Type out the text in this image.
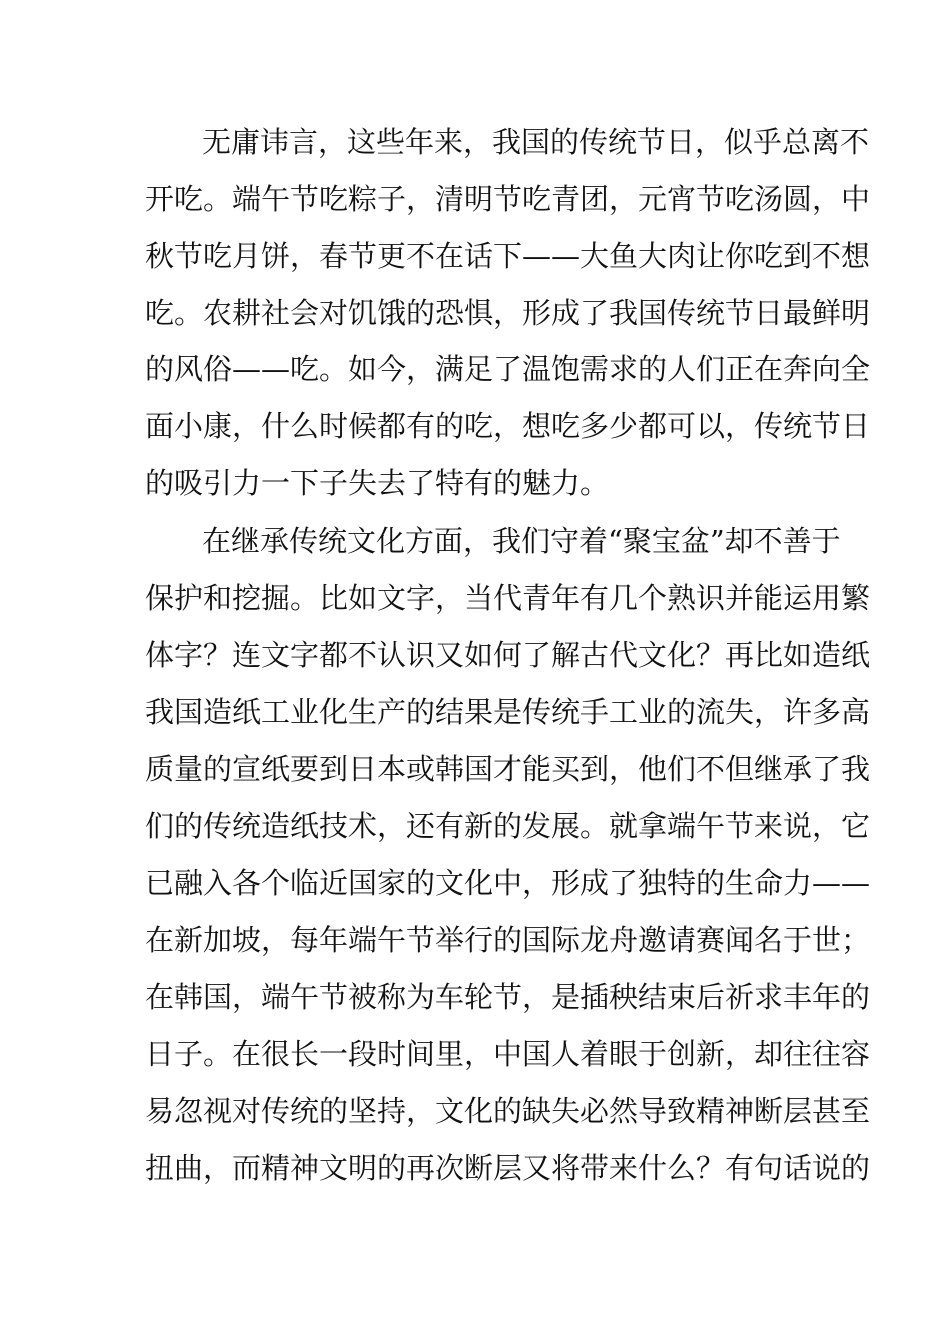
无庸讳言，这些年来，我国的传统节日，似乎总离不
开吃。端午节吃粽子，清明节吃青团，元宵节吃汤圆，中
秋节吃月饼，春节更不在话下——大鱼大肉让你吃到不想
吃。农耕社会对饥饿的恐惧，形成了我国传统节日最鲜明
的风俗——吃。如今，满足了温饱需求的人们正在奔向全
面小康，什么时候都有的吃，想吃多少都可以，传统节日
的吸引力一下子失去了特有的魅力。
在继承传统文化方面，我们守着“聚宝盆”却不善于
保护和挖掘。比如文字，当代青年有几个熟识并能运用繁
体字？连文字都不认识又如何了解古代文化？再比如造纸
我国造纸工业化生产的结果是传统手工业的流失，许多高
质量的宣纸要到日本或韩国才能买到，他们不但继承了我
们的传统造纸技术，还有新的发展。就拿端午节来说，它
已融入各个临近国家的文化中，形成了独特的生命力——
在新加坡，每年端午节举行的国际龙舟邀请赛闻名于世；
在韩国，端午节被称为车轮节，是插秧结束后祈求丰年的
日子。在很长一段时间里，中国人着眼于创新，却往往容
易忽视对传统的坚持，文化的缺失必然导致精神断层甚至
扭曲，而精神文明的再次断层又将带来什么？有句话说的
